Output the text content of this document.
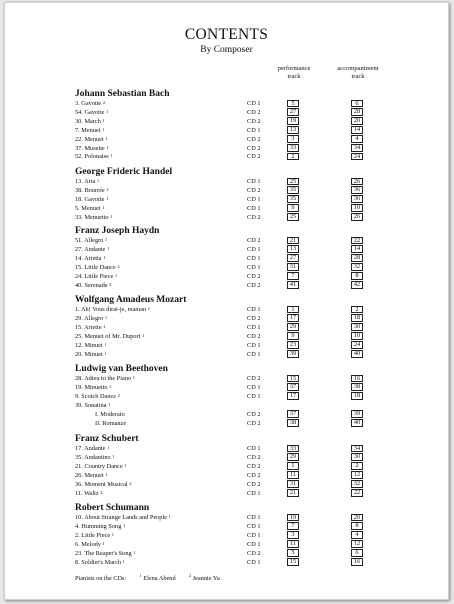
CONTENTS
By Composer
performance
track
accompaniment
track
Johann Sebastian Bach
3. Gavotte $^2$	CD 1	5	6
54. Gavotte $^1$	CD 2	27	28
30. March $^1$	CD 2	19	20
7. Menuet $^1$	CD 1	13	14
22. Menuet $^1$	CD 2	3	4
37. Musette $^1$	CD 2	33	34
52. Polonaise $^1$	CD 2	2	24
George Frideric Handel
13. Aria $^1$	CD 1	25	26
38. Bourrée $^2$	CD 2	35	36
18. Gavotte $^1$	CD 1	35	36
5. Menuet $^1$	CD 1	9	10
33. Menuetto $^1$	CD 2	25	26
Franz Joseph Haydn
51. Allegro $^1$	CD 2	21	22
27. Andante $^1$	CD 1	13	14
14. Arietta $^1$	CD 1	27	28
15. Little Dance $^2$	CD 1	31	32
24. Little Piece $^1$	CD 2	7	8
40. Serenade $^2$	CD 2	41	42
Wolfgang Amadeus Mozart
1. Ah! Vous dirai-je, maman $^1$	CD 1	1	2
29. Allegro $^1$	CD 2	17	18
15. Ariette $^1$	CD 1	29	30
25. Menuet of Mr. Duport $^1$	CD 2	9	10
12. Minuet $^1$	CD 1	23	24
20. Minuet $^1$	CD 1	39	40
Ludwig van Beethoven
28. Adieu to the Piano $^1$	CD 2	15	16
19. Minuetto $^1$	CD 1	37	38
9. Scotch Dance $^2$	CD 1	17	18
39. Sonatina $^1$
I. Moderato	CD 2	37	39
II. Romanze	CD 2	38	40
Franz Schubert
17. Andante $^1$	CD 1	33	34
35. Andantino $^1$	CD 2	29	30
21. Country Dance $^1$	CD 2	1	2
26. Menuet $^1$	CD 2	11	12
36. Moment Musical $^2$	CD 2	31	32
11. Waltz $^2$	CD 1	21	22
Robert Schumann
10. About Strange Lands and People $^1$	CD 1	19	20
4. Humming Song $^1$	CD 1	7	8
2. Little Piece $^1$	CD 1	3	4
6. Melody $^1$	CD 1	11	12
23. The Reaper's Song $^1$	CD 2	5	6
8. Soldier's March $^1$	CD 1	15	16
Pianists on the CDs:	$^1$ Elena Abend	$^2$ Jeannie Yu
